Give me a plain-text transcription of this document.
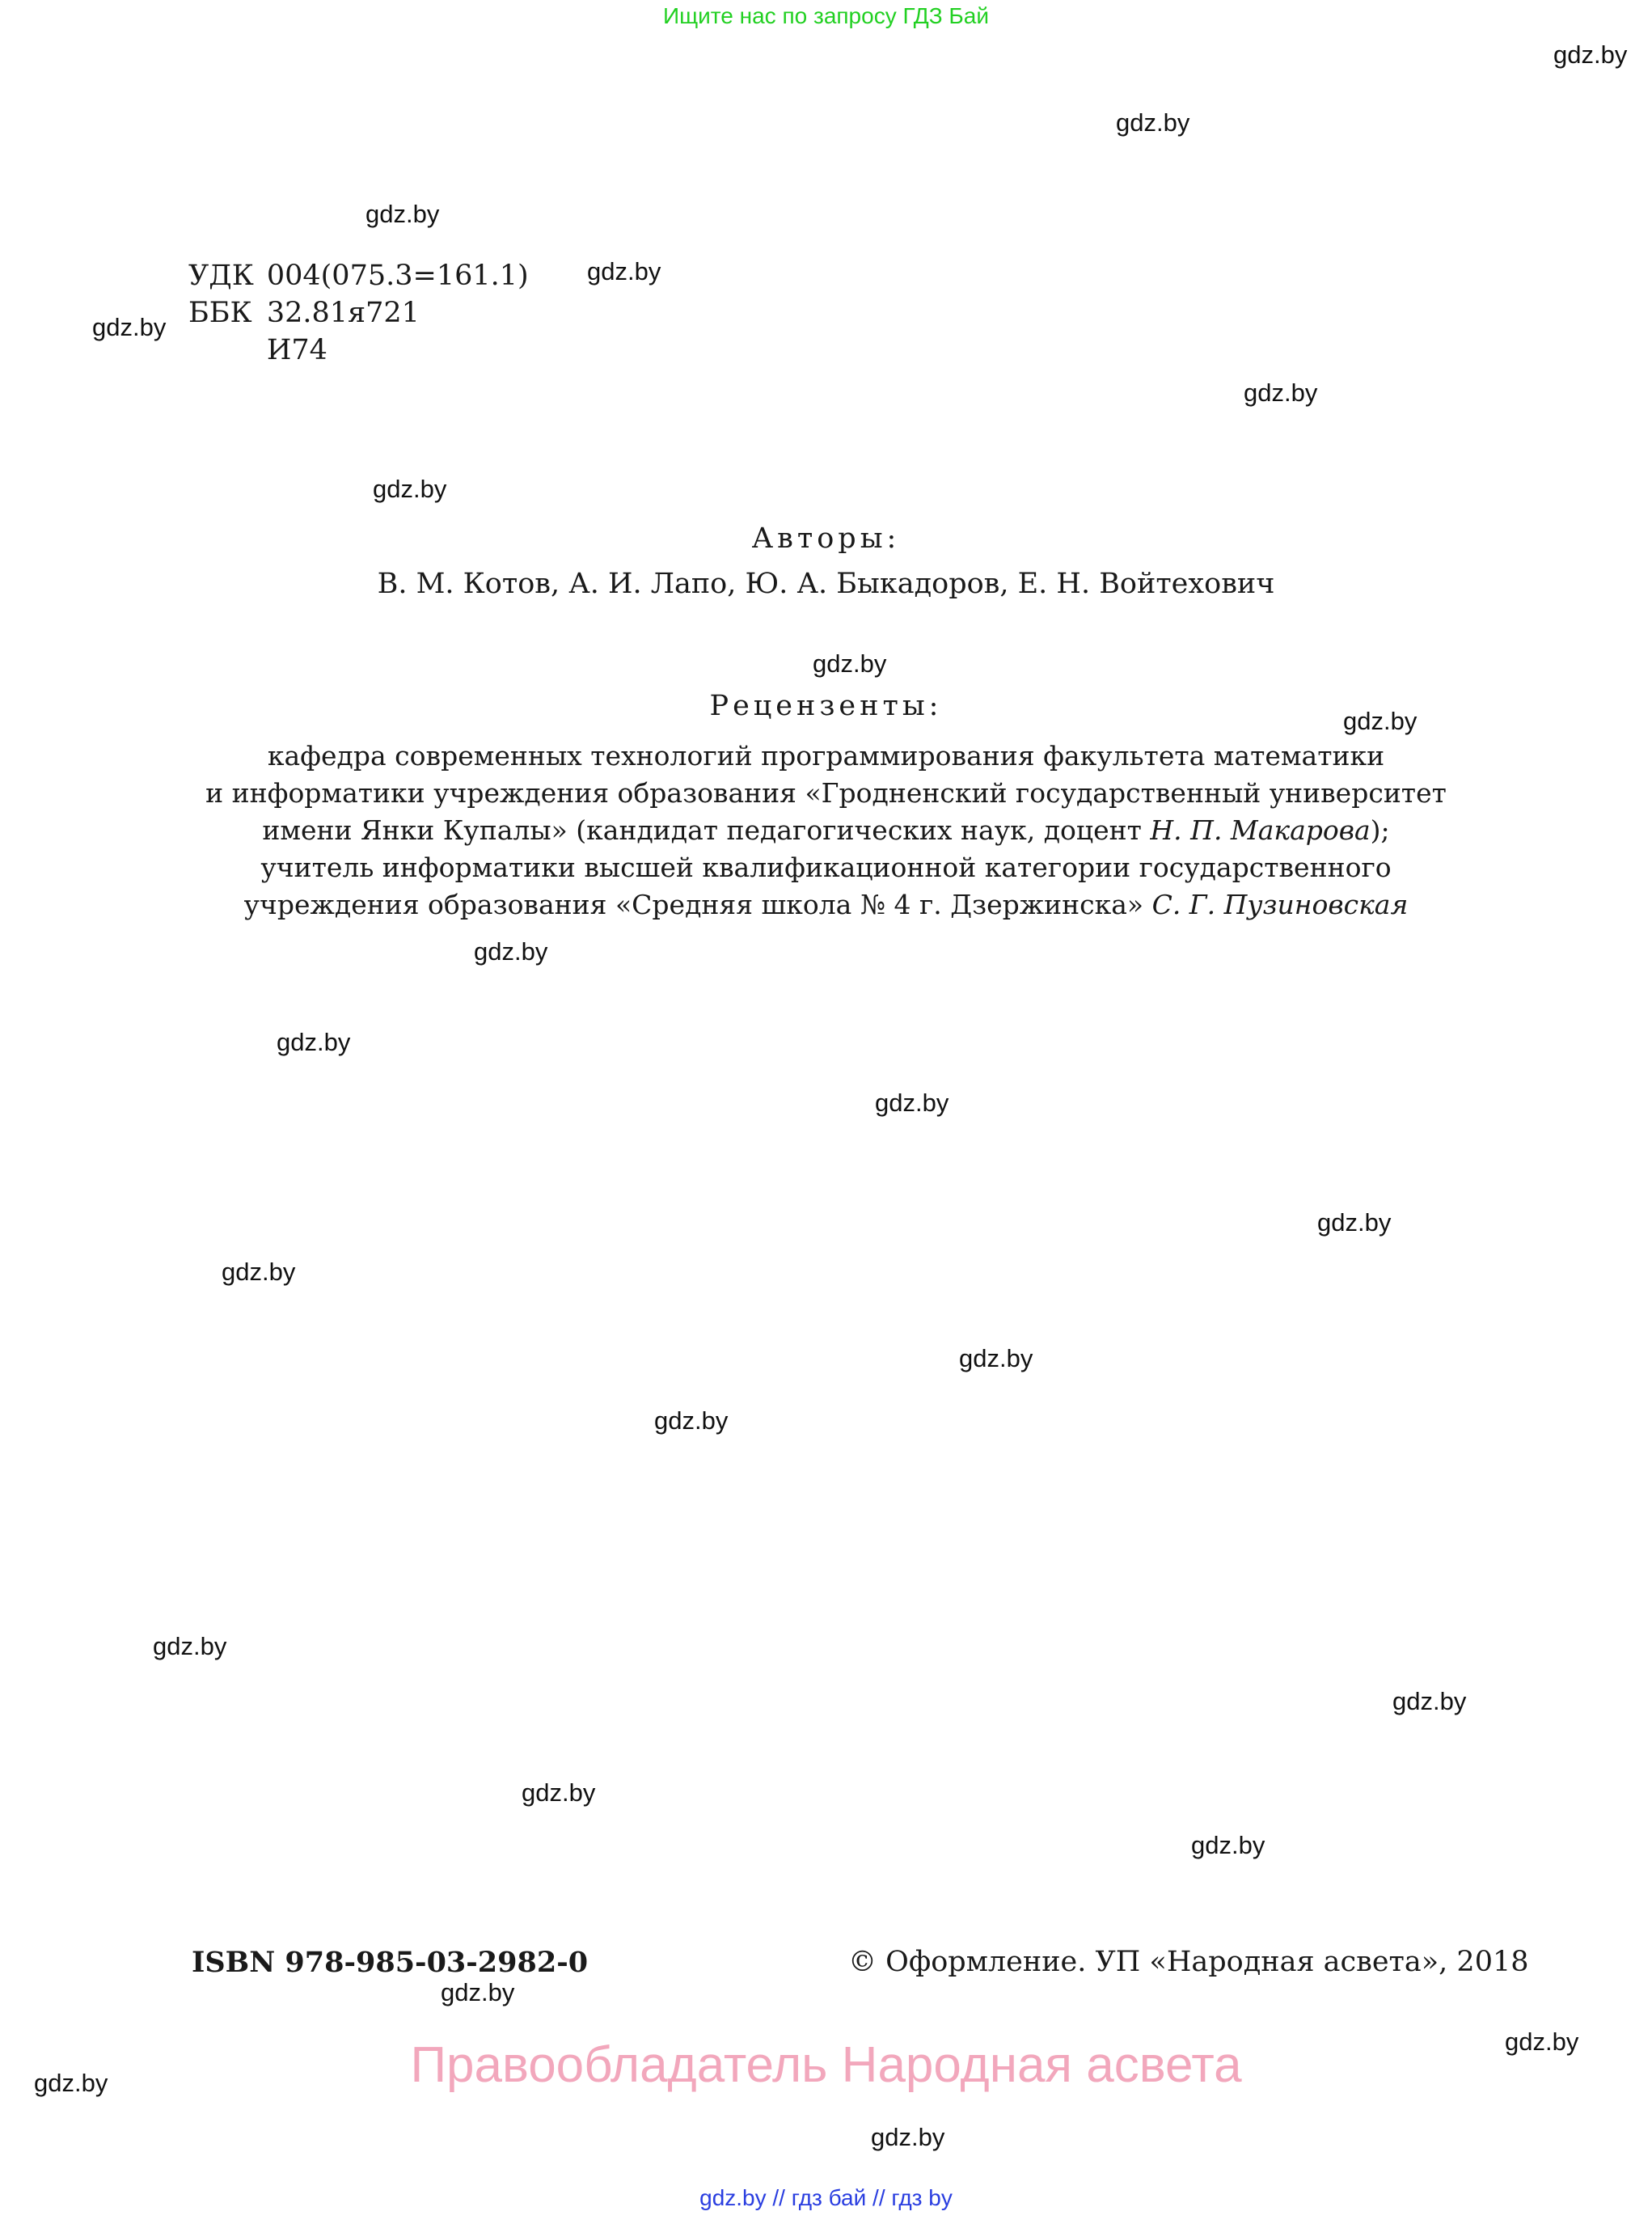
Ищите нас по запросу ГДЗ Бай
УДК	004(075.3=161.1)
ББК	32.81я721
	И74
Авторы:
В. М. Котов, А. И. Лапо, Ю. А. Быкадоров, Е. Н. Войтехович
Рецензенты:
кафедра современных технологий программирования факультета математики
и информатики учреждения образования «Гродненский государственный университет
имени Янки Купалы» (кандидат педагогических наук, доцент Н. П. Макарова);
учитель информатики высшей квалификационной категории государственного
учреждения образования «Средняя школа № 4 г. Дзержинска» С. Г. Пузиновская
ISBN 978-985-03-2982-0	© Оформление. УП «Народная асвета», 2018
Правообладатель Народная асвета
gdz.by // гдз бай // гдз by
gdz.by
gdz.by
gdz.by
gdz.by
gdz.by
gdz.by
gdz.by
gdz.by
gdz.by
gdz.by
gdz.by
gdz.by
gdz.by
gdz.by
gdz.by
gdz.by
gdz.by
gdz.by
gdz.by
gdz.by
gdz.by
gdz.by
gdz.by
gdz.by
